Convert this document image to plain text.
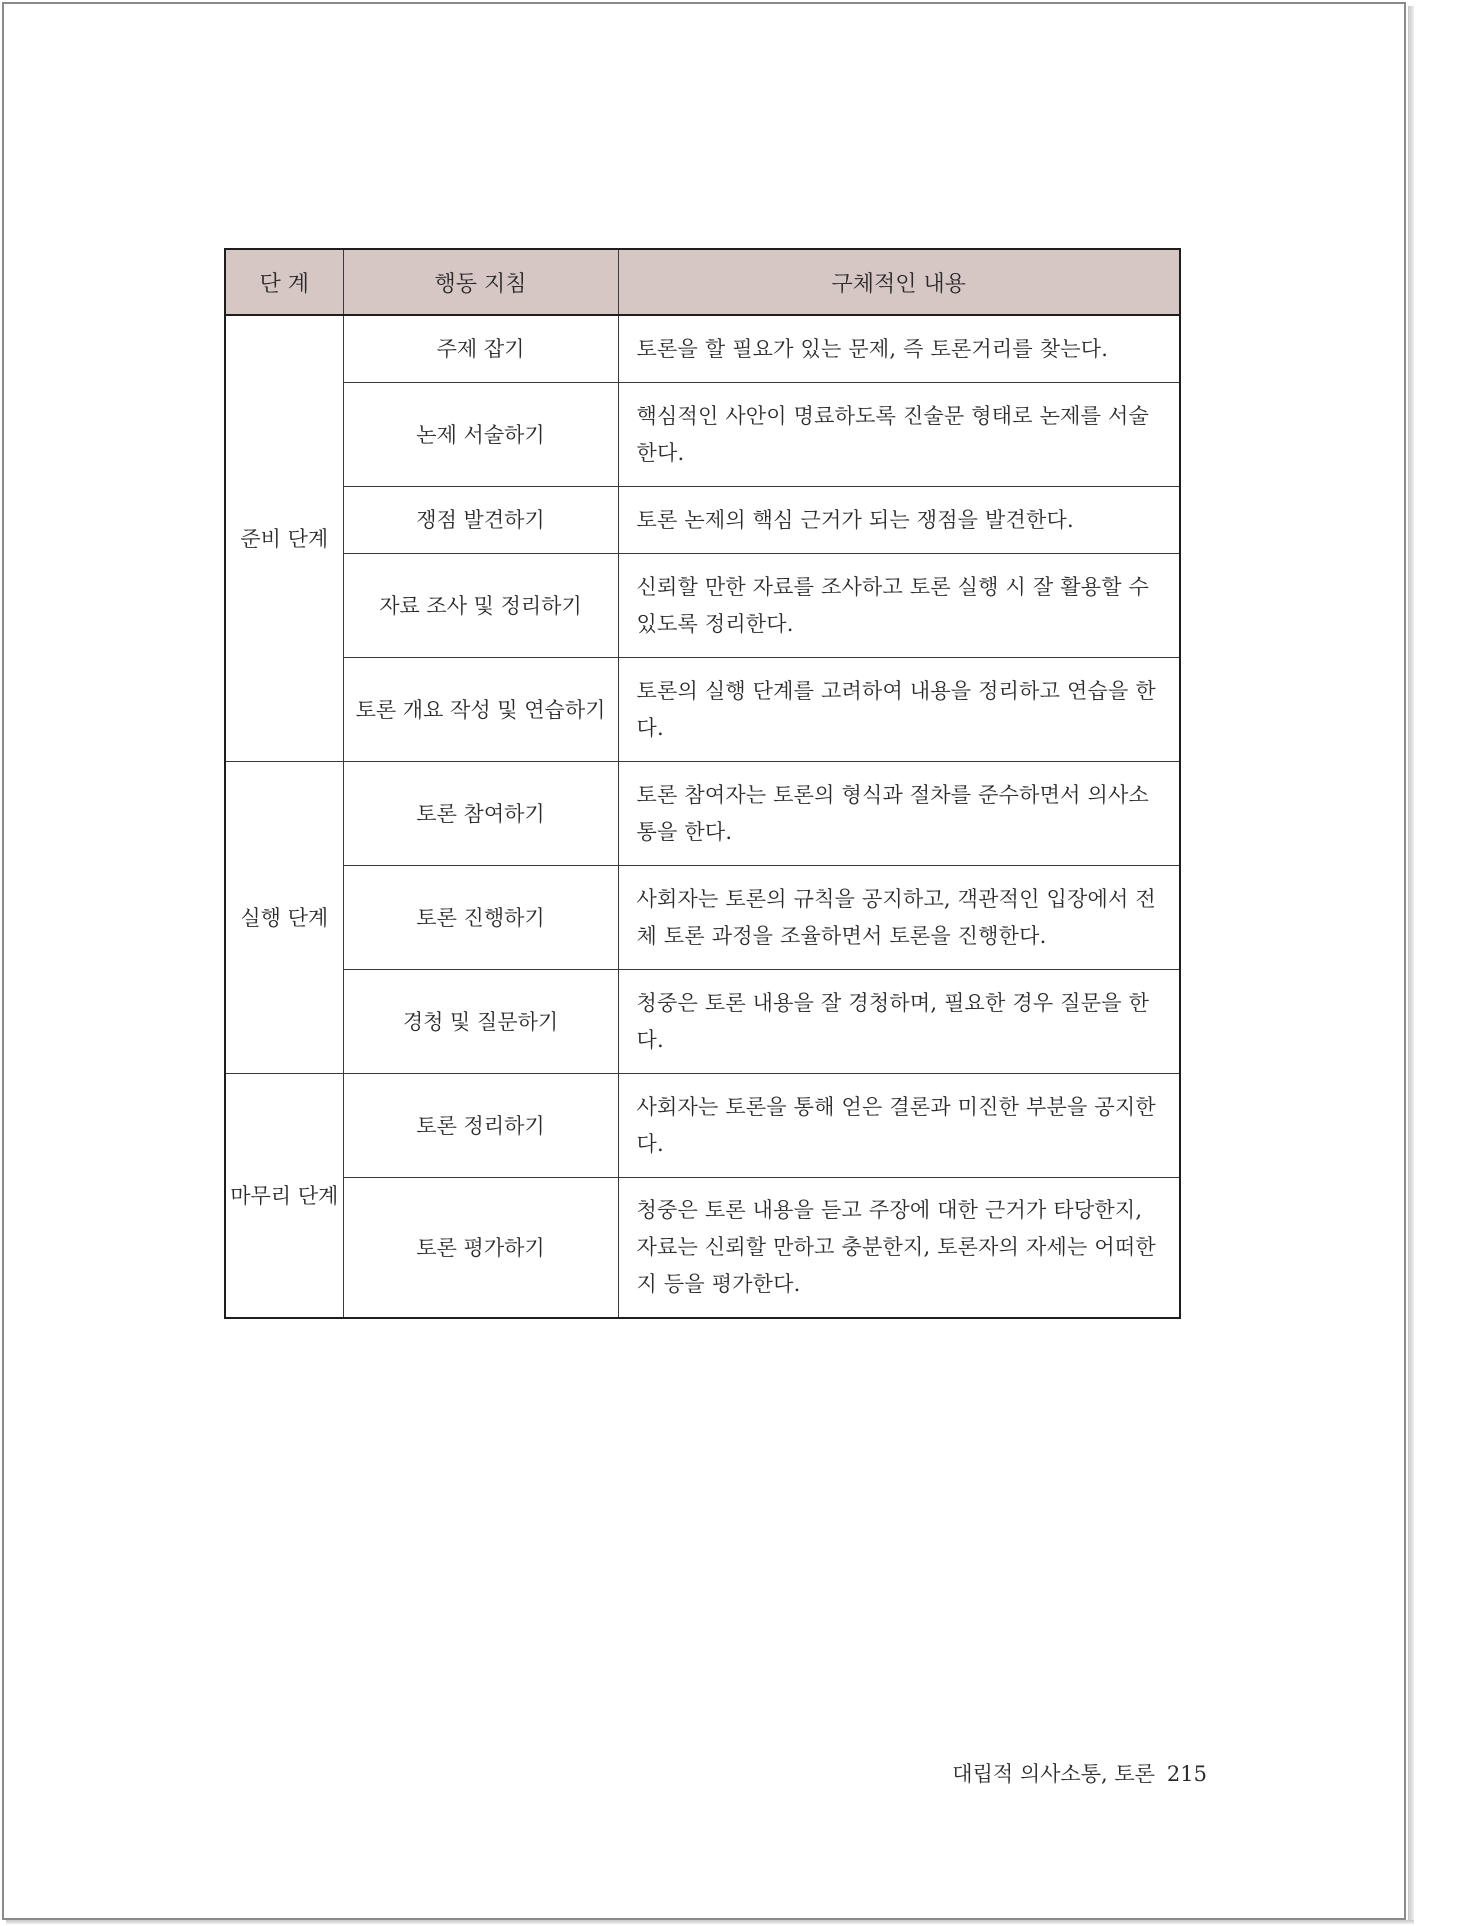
단 계	행동 지침	구체적인 내용
준비 단계	주제 잡기	토론을 할 필요가 있는 문제, 즉 토론거리를 찾는다.
	논제 서술하기	핵심적인 사안이 명료하도록 진술문 형태로 논제를 서술한다.
	쟁점 발견하기	토론 논제의 핵심 근거가 되는 쟁점을 발견한다.
	자료 조사 및 정리하기	신뢰할 만한 자료를 조사하고 토론 실행 시 잘 활용할 수 있도록 정리한다.
	토론 개요 작성 및 연습하기	토론의 실행 단계를 고려하여 내용을 정리하고 연습을 한다.
실행 단계	토론 참여하기	토론 참여자는 토론의 형식과 절차를 준수하면서 의사소통을 한다.
	토론 진행하기	사회자는 토론의 규칙을 공지하고, 객관적인 입장에서 전체 토론 과정을 조율하면서 토론을 진행한다.
	경청 및 질문하기	청중은 토론 내용을 잘 경청하며, 필요한 경우 질문을 한다.
마무리 단계	토론 정리하기	사회자는 토론을 통해 얻은 결론과 미진한 부분을 공지한다.
	토론 평가하기	청중은 토론 내용을 듣고 주장에 대한 근거가 타당한지, 자료는 신뢰할 만하고 충분한지, 토론자의 자세는 어떠한지 등을 평가한다.
대립적 의사소통, 토론 215
